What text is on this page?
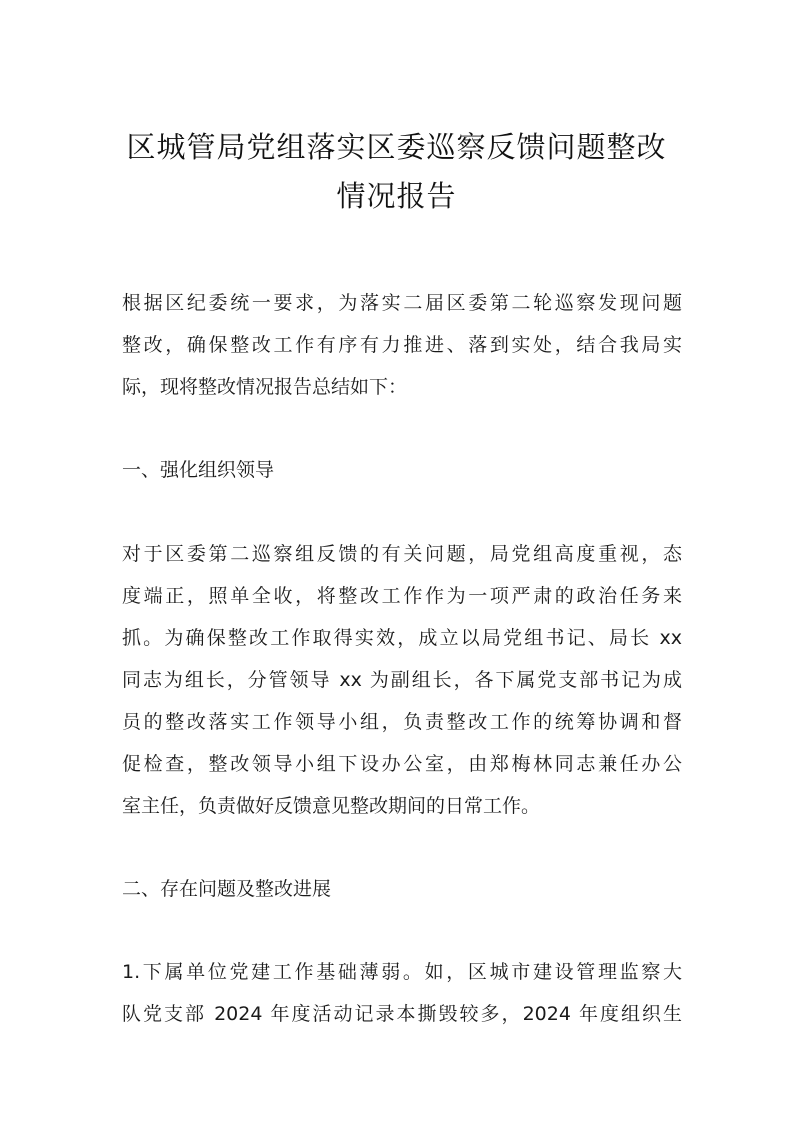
区城管局党组落实区委巡察反馈问题整改
情况报告
根据区纪委统一要求，为落实二届区委第二轮巡察发现问题
整改，确保整改工作有序有力推进、落到实处，结合我局实
际，现将整改情况报告总结如下：
一、强化组织领导
对于区委第二巡察组反馈的有关问题，局党组高度重视，态
度端正，照单全收，将整改工作作为一项严肃的政治任务来
抓。为确保整改工作取得实效，成立以局党组书记、局长 xx
同志为组长，分管领导 xx 为副组长，各下属党支部书记为成
员的整改落实工作领导小组，负责整改工作的统筹协调和督
促检查，整改领导小组下设办公室，由郑梅林同志兼任办公
室主任，负责做好反馈意见整改期间的日常工作。
二、存在问题及整改进展
1.下属单位党建工作基础薄弱。如，区城市建设管理监察大
队党支部 2024 年度活动记录本撕毁较多，2024 年度组织生
